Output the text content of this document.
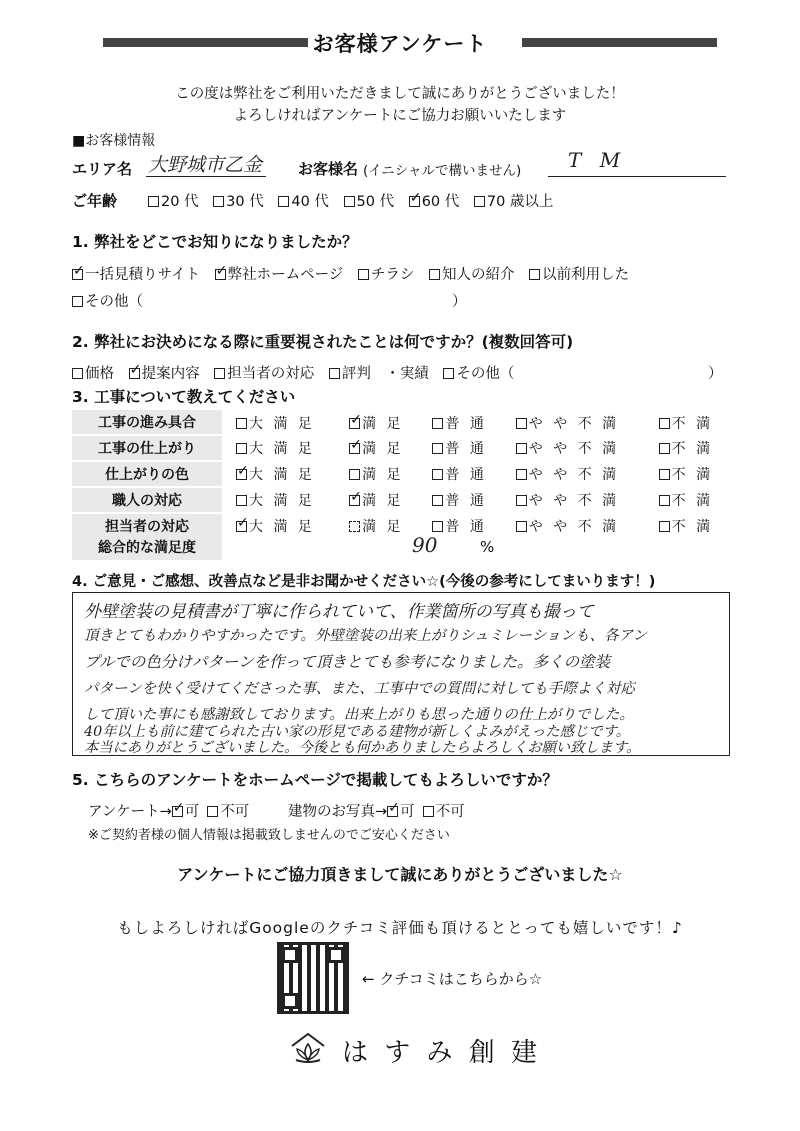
お客様アンケート
この度は弊社をご利用いただきまして誠にありがとうございました！
よろしければアンケートにご協力お願いいたします
■お客様情報
エリア名 大野城市乙金 お客様名 (イニシャルで構いません) T M
ご年齢	20 代 30 代 40 代 50 代 ✓ 60 代 70 歳以上
1. 弊社をどこでお知りになりましたか？
✓一括見積りサイト ✓ 弊社ホームページ チラシ 知人の紹介 以前利用した
その他（	）
2. 弊社にお決めになる際に重要視されたことは何ですか？(複数回答可)
価格 ✓ 提案内容 担当者の対応 評判　・実績 その他（	）
3. 工事について教えてください
工事の進み具合	大 満 足	✓満 足	普 通	や や 不 満	不 満
工事の仕上がり	大 満 足	✓満 足	普 通	や や 不 満	不 満
仕上がりの色	✓大 満 足	満 足	普 通	や や 不 満	不 満
職人の対応	大 満 足	✓満 足	普 通	や や 不 満	不 満
担当者の対応	✓大 満 足	満 足	普 通	や や 不 満	不 満
総合的な満足度	90	%
4. ご意見・ご感想、改善点など是非お聞かせください☆(今後の参考にしてまいります！)
外壁塗装の見積書が丁寧に作られていて、作業箇所の写真も撮って
頂きとてもわかりやすかったです。外壁塗装の出来上がりシュミレーションも、各アン
プルでの色分けパターンを作って頂きとても参考になりました。多くの塗装
パターンを快く受けてくださった事、また、工事中での質問に対しても手際よく対応
して頂いた事にも感謝致しております。出来上がりも思った通りの仕上がりでした。
40年以上も前に建てられた古い家の形見である建物が新しくよみがえった感じです。
本当にありがとうございました。今後とも何かありましたらよろしくお願い致します。
5. こちらのアンケートをホームページで掲載してもよろしいですか？
アンケート→ ✓ 可 不可	建物のお写真→ ✓ 可 不可
※ご契約者様の個人情報は掲載致しませんのでご安心ください
アンケートにご協力頂きまして誠にありがとうございました☆
もしよろしければGoogleのクチコミ評価も頂けるととっても嬉しいです！♪
← クチコミはこちらから☆
は す み 創 建
